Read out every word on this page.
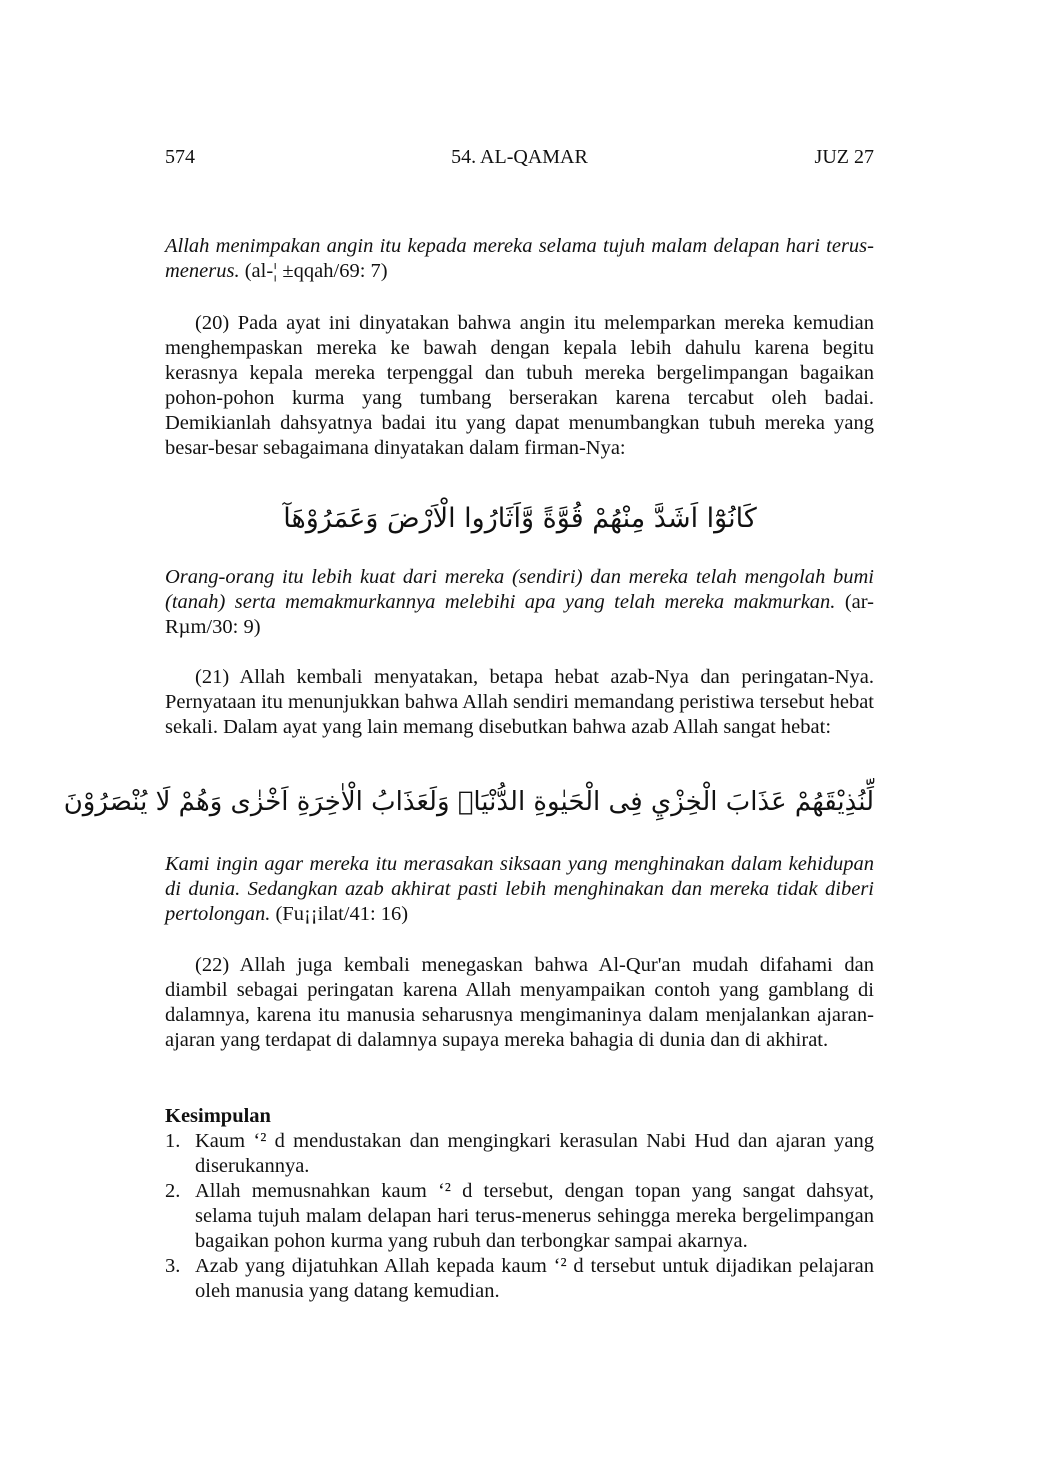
574	54. AL-QAMAR	JUZ 27
Allah menimpakan angin itu kepada mereka selama tujuh malam delapan hari terus-menerus. (al-¦ ±qqah/69: 7)
(20) Pada ayat ini dinyatakan bahwa angin itu melemparkan mereka kemudian menghempaskan mereka ke bawah dengan kepala lebih dahulu karena begitu kerasnya kepala mereka terpenggal dan tubuh mereka bergelimpangan bagaikan pohon-pohon kurma yang tumbang berserakan karena tercabut oleh badai. Demikianlah dahsyatnya badai itu yang dapat menumbangkan tubuh mereka yang besar-besar sebagaimana dinyatakan dalam firman-Nya:
كَانُوْٓا اَشَدَّ مِنْهُمْ قُوَّةً وَّاَثَارُوا الْاَرْضَ وَعَمَرُوْهَآ
Orang-orang itu lebih kuat dari mereka (sendiri) dan mereka telah mengolah bumi (tanah) serta memakmurkannya melebihi apa yang telah mereka makmurkan. (ar-Rµm/30: 9)
(21) Allah kembali menyatakan, betapa hebat azab-Nya dan peringatan-Nya. Pernyataan itu menunjukkan bahwa Allah sendiri memandang peristiwa tersebut hebat sekali. Dalam ayat yang lain memang disebutkan bahwa azab Allah sangat hebat:
لِّنُذِيْقَهُمْ عَذَابَ الْخِزْيِ فِى الْحَيٰوةِ الدُّنْيَاۗ وَلَعَذَابُ الْاٰخِرَةِ اَخْزٰى وَهُمْ لَا يُنْصَرُوْنَ
Kami ingin agar mereka itu merasakan siksaan yang menghinakan dalam kehidupan di dunia. Sedangkan azab akhirat pasti lebih menghinakan dan mereka tidak diberi pertolongan. (Fu¡¡ilat/41: 16)
(22) Allah juga kembali menegaskan bahwa Al-Qur'an mudah difahami dan diambil sebagai peringatan karena Allah menyampaikan contoh yang gamblang di dalamnya, karena itu manusia seharusnya mengimaninya dalam menjalankan ajaran-ajaran yang terdapat di dalamnya supaya mereka bahagia di dunia dan di akhirat.
Kesimpulan
1. Kaum ‘² d mendustakan dan mengingkari kerasulan Nabi Hud dan ajaran yang diserukannya.
2. Allah memusnahkan kaum ‘² d tersebut, dengan topan yang sangat dahsyat, selama tujuh malam delapan hari terus-menerus sehingga mereka bergelimpangan bagaikan pohon kurma yang rubuh dan terbongkar sampai akarnya.
3. Azab yang dijatuhkan Allah kepada kaum ‘² d tersebut untuk dijadikan pelajaran oleh manusia yang datang kemudian.
